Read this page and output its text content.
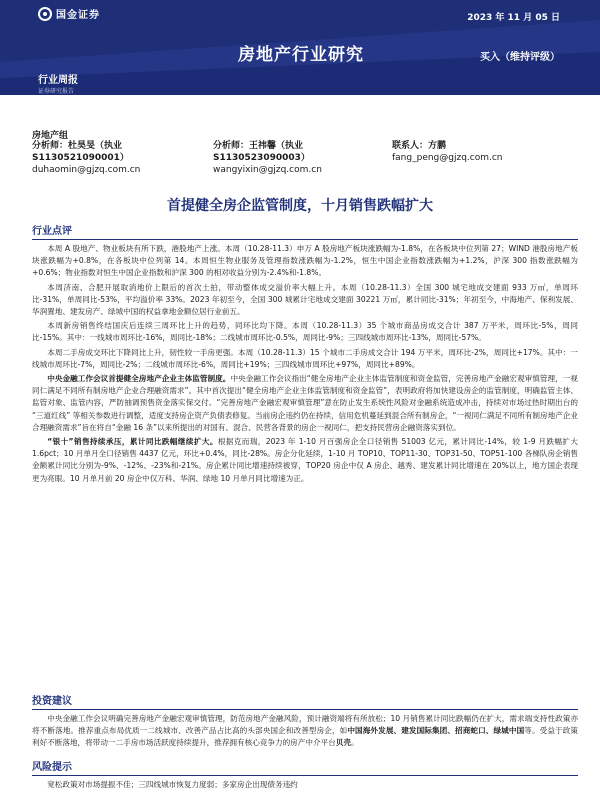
国金证券	2023 年 11 月 05 日
房地产行业研究	买入（维持评级）
行业周报
证券研究报告
房地产组
分析师：杜昊旻（执业
S1130521090001）
duhaomin@gjzq.com.cn
分析师：王祎馨（执业
S1130523090003）
wangyixin@gjzq.com.cn
联系人：方鹏
fang_peng@gjzq.com.cn
首提健全房企监管制度，十月销售跌幅扩大
行业点评

本周 A 股地产、物业板块有所下跌，港股地产上涨。本周（10.28-11.3）申万 A 股房地产板块涨跌幅为-1.8%，在各板块中位列第 27；WIND 港股房地产板块涨跌幅为+0.8%，在各板块中位列第 14。本周恒生物业服务及管理指数涨跌幅为-1.2%，恒生中国企业指数涨跌幅为+1.2%，沪深 300 指数涨跌幅为+0.6%；物业指数对恒生中国企业指数和沪深 300 的相对收益分别为-2.4%和-1.8%。

本周济南、合肥开展取消地价上限后的首次土拍，带动整体成交溢价率大幅上升。本周（10.28-11.3）全国 300 城宅地成交建面 933 万㎡，单周环比-31%，单周同比-53%，平均溢价率 33%。2023 年初至今，全国 300 城累计宅地成交建面 30221 万㎡，累计同比-31%；年初至今，中海地产、保利发展、华润置地、建发房产、绿城中国的权益拿地金额位居行业前五。

本周新房销售终结国庆后连续三周环比上升的趋势，同环比均下降。本周（10.28-11.3）35 个城市商品房成交合计 387 万平米，周环比-5%，周同比-15%。其中：一线城市周环比-16%，周同比-18%；二线城市周环比-0.5%，周同比-9%；三四线城市周环比-13%，周同比-57%。

本周二手房成交环比下降同比上升，韧性较一手房更强。本周（10.28-11.3）15 个城市二手房成交合计 194 万平米，周环比-2%，周同比+17%。其中：一线城市周环比-7%，周同比-2%；二线城市周环比-6%，周同比+19%；三四线城市周环比+97%，周同比+89%。

中央金融工作会议首提健全房地产企业主体监管制度。中央金融工作会议指出“健全房地产企业主体监管制度和资金监管，完善房地产金融宏观审慎管理，一视同仁满足不同所有制房地产企业合理融资需求”。其中首次提出“健全房地产企业主体监管制度和资金监管”，表明政府将加快建设房企的监管制度，明确监管主体、监管对象、监管内容，严防抽调预售资金落实保交付。“完善房地产金融宏观审慎管理”意在防止发生系统性风险对金融系统造成冲击，持续对市场过热时期出台的 “三道红线” 等相关参数进行调整，适度支持房企资产负债表修复。当前房企违约仍在持续，信用危机蔓延到混合所有制房企，“一视同仁满足不同所有制房地产企业合理融资需求”旨在将自“金融 16 条”以来所提出的对国有、混合、民营各背景的房企一视同仁，把支持民营房企融资落实到位。

“银十”销售持续承压，累计同比跌幅继续扩大。根据克而瑞，2023 年 1-10 月百强房企全口径销售 51003 亿元，累计同比-14%，较 1-9 月跌幅扩大 1.6pct；10 月单月全口径销售 4437 亿元，环比+0.4%，同比-28%。房企分化延续，1-10 月 TOP10、TOP11-30、TOP31-50、TOP51-100 各梯队房企销售金额累计同比分别为-9%、-12%、-23%和-21%。房企累计同比增速持续被穿，TOP20 房企中仅 A 房企、越秀、建发累计同比增速在 20%以上，地方国企表现更为亮眼。10 月单月前 20 房企中仅万科、华润、绿地 10 月单月同比增速为正。

投资建议

中央金融工作会议明确完善房地产金融宏观审慎管理，防范房地产金融风险，预计融资端将有所放松；10 月销售累计同比跌幅仍在扩大，需求端支持性政策亦将不断落地。推荐重点布局优质一二线城市、改善产品占比高的头部央国企和改善型房企，如中国海外发展、建发国际集团、招商蛇口、绿城中国等。受益于政策利好不断落地，将带动一二手房市场活跃度持续提升，推荐拥有核心竞争力的房产中介平台贝壳。

风险提示

宽松政策对市场提振不佳；三四线城市恢复力度弱；多家房企出现债务违约
